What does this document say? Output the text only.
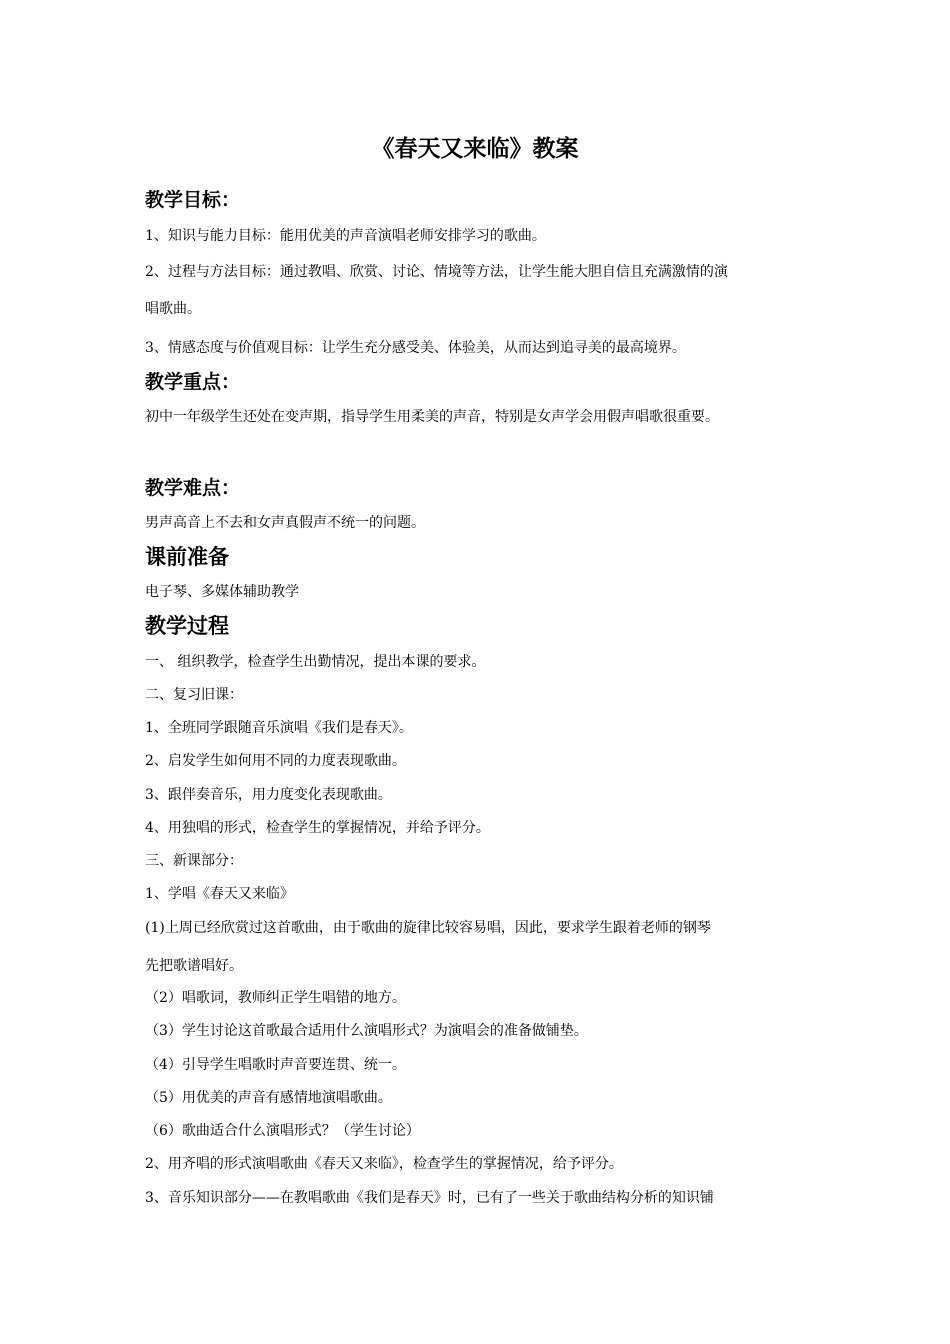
《春天又来临》教案
教学目标：
1、知识与能力目标：能用优美的声音演唱老师安排学习的歌曲。
2、过程与方法目标：通过教唱、欣赏、讨论、情境等方法，让学生能大胆自信且充满激情的演
唱歌曲。
3、情感态度与价值观目标：让学生充分感受美、体验美，从而达到追寻美的最高境界。
教学重点：
初中一年级学生还处在变声期，指导学生用柔美的声音，特别是女声学会用假声唱歌很重要。
教学难点：
男声高音上不去和女声真假声不统一的问题。
课前准备
电子琴、多媒体辅助教学
教学过程
一、 组织教学，检查学生出勤情况，提出本课的要求。
二、复习旧课：
1、全班同学跟随音乐演唱《我们是春天》。
2、启发学生如何用不同的力度表现歌曲。
3、跟伴奏音乐，用力度变化表现歌曲。
4、用独唱的形式，检查学生的掌握情况，并给予评分。
三、新课部分：
1、学唱《春天又来临》
(1)上周已经欣赏过这首歌曲，由于歌曲的旋律比较容易唱，因此，要求学生跟着老师的钢琴
先把歌谱唱好。
（2）唱歌词，教师纠正学生唱错的地方。
（3）学生讨论这首歌最合适用什么演唱形式？为演唱会的准备做铺垫。
（4）引导学生唱歌时声音要连贯、统一。
（5）用优美的声音有感情地演唱歌曲。
（6）歌曲适合什么演唱形式？（学生讨论）
2、用齐唱的形式演唱歌曲《春天又来临》，检查学生的掌握情况，给予评分。
3、音乐知识部分——在教唱歌曲《我们是春天》时，已有了一些关于歌曲结构分析的知识铺
